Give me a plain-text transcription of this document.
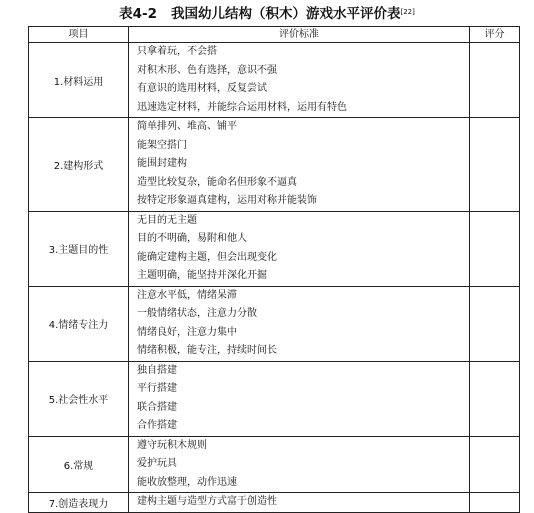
表4-2 我国幼儿结构（积木）游戏水平评价表[22]
项目	评价标准	评分
1.材料运用	只拿着玩，不会搭
对积木形、色有选择，意识不强
有意识的选用材料，反复尝试
迅速选定材料，并能综合运用材料，运用有特色	

2.建构形式	简单排列、堆高、铺平
能架空搭门
能围封建构
造型比较复杂，能命名但形象不逼真
按特定形象逼真建构，运用对称并能装饰	

3.主题目的性	无目的无主题
目的不明确，易附和他人
能确定建构主题，但会出现变化
主题明确，能坚持并深化开掘	

4.情绪专注力	注意水平低，情绪呆滞
一般情绪状态，注意力分散
情绪良好，注意力集中
情绪积极，能专注，持续时间长	

5.社会性水平	独自搭建
平行搭建
联合搭建
合作搭建	

6.常规	遵守玩积木规则
爱护玩具
能收放整理，动作迅速	

7.创造表现力	建构主题与造型方式富于创造性	
